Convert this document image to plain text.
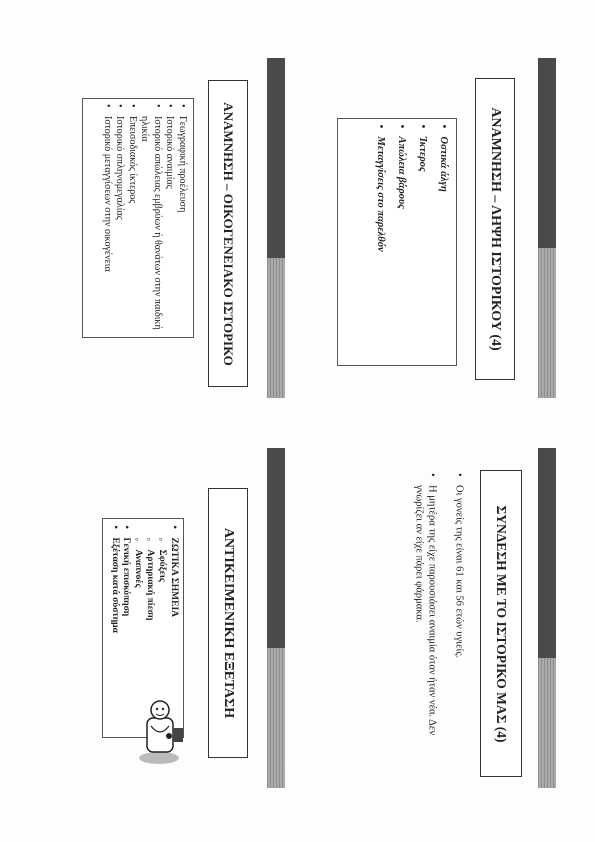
ΑΝΑΜΝΗΣΗ – ΛΗΨΗ ΙΣΤΟΡΙΚΟΥ (4)
• Οστικά άλγη
• Ίκτερος
• Απώλεια βάρους
• Μεταγγίσεις στο παρελθόν
ΑΝΑΜΝΗΣΗ – ΟΙΚΟΓΕΝΕΙΑΚΟ ΙΣΤΟΡΙΚΟ
• Γεωγραφική προέλευση
• Ιστορικό αναιμίας
• Ιστορικό απώλειας εμβρύων ή θανάτων στην παιδική ηλικία
• Επεισοδιακός ίκτερος
• Ιστορικό σπληνομεγαλίας
• Ιστορικό μεταγγίσεων στην οικογένεια
ΣΥΝΔΕΣΗ ΜΕ ΤΟ ΙΣΤΟΡΙΚΟ ΜΑΣ (4)
• Οι γονείς της είναι 61 και 56 ετών υγιείς.
• Η μητέρα της είχε παρουσιάσει αναιμία όταν ήταν νέα. Δεν γνωρίζει αν είχε πάρει φάρμακα.
ΑΝΤΙΚΕΙΜΕΝΙΚΗ ΕΞΕΤΑΣΗ
• ΖΩΤΙΚΑ ΣΗΜΕΙΑ
▫ Σφύξεις
▫ Αρτηριακή πίεση
▫ Αναπνοές
• Γενική επισκόπηση
• Εξέταση κατά σύστημα
